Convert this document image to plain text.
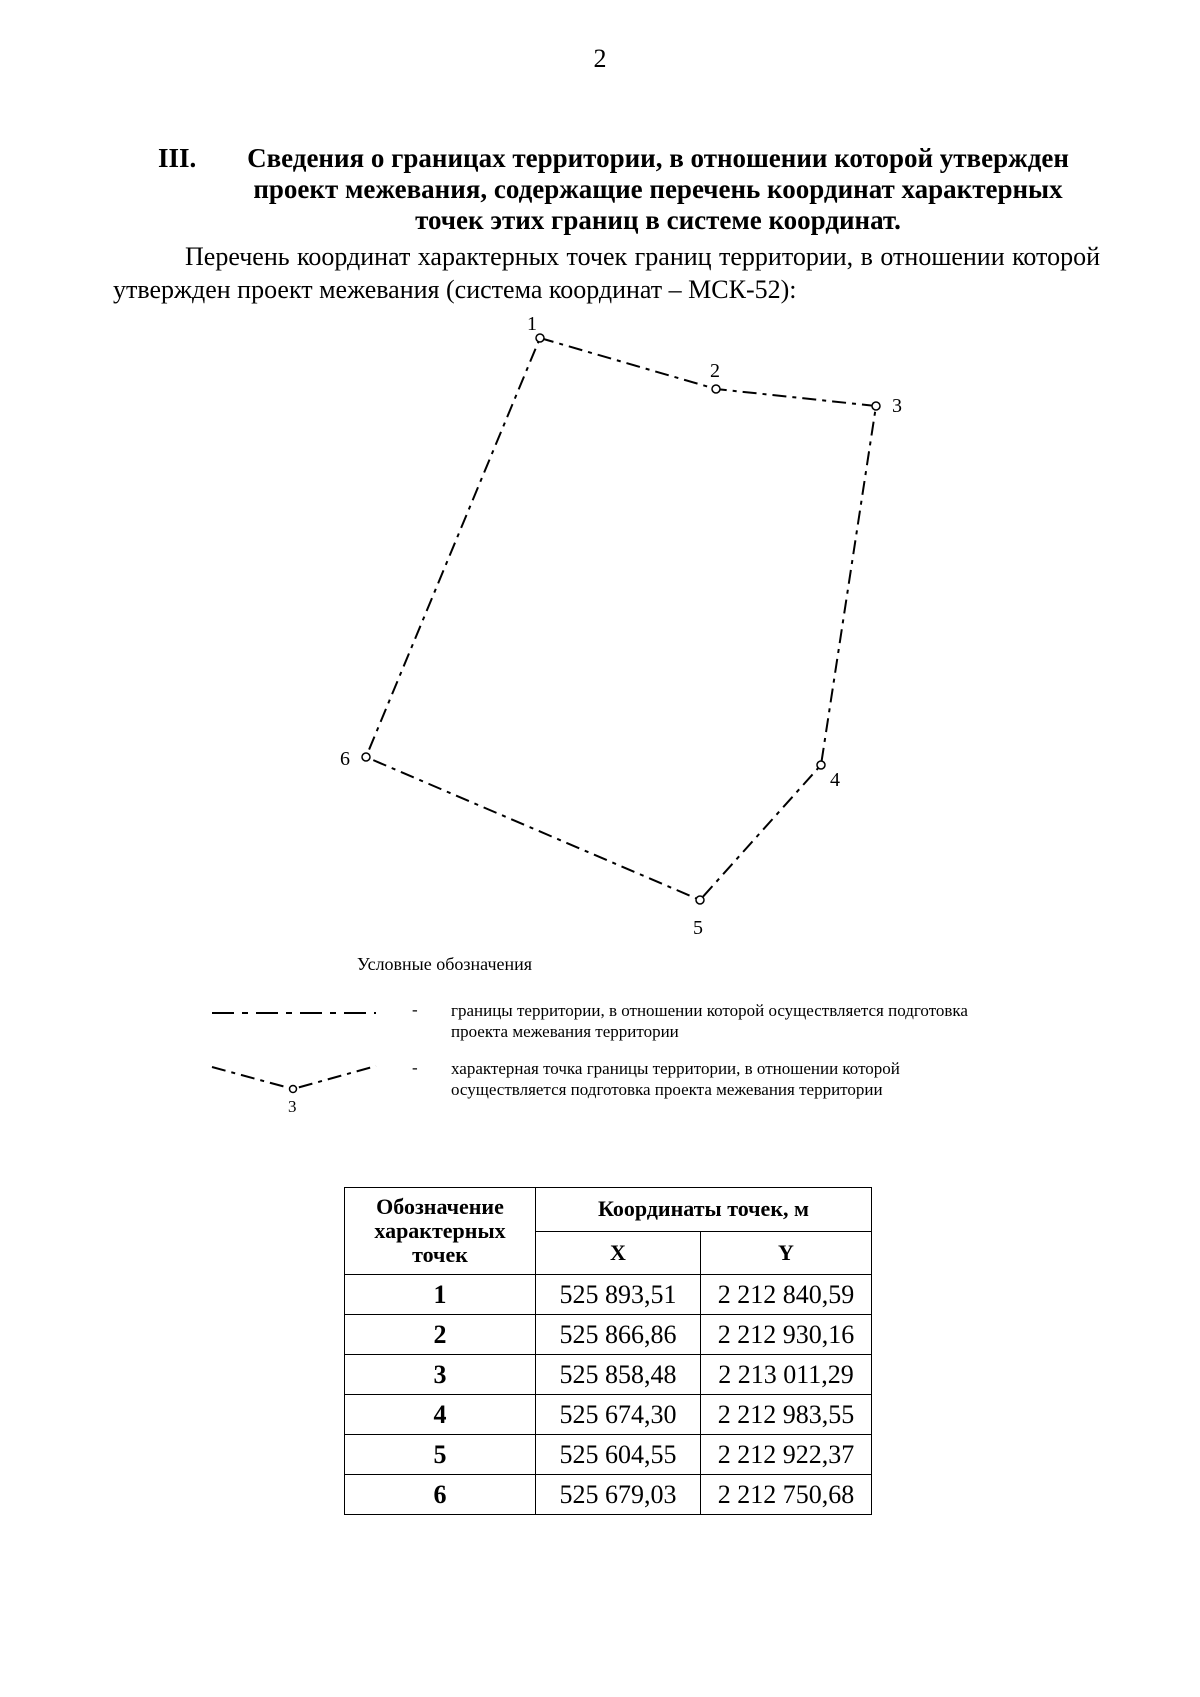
2
III.	Сведения о границах территории, в отношении которой утвержден проект межевания, содержащие перечень координат характерных точек этих границ в системе координат.
Перечень координат характерных точек границ территории, в отношении которой утвержден проект межевания (система координат – МСК-52):
1
2
3
4
5
6
3
Условные обозначения
- границы территории, в отношении которой осуществляется подготовка проекта межевания территории
- характерная точка границы территории, в отношении которой осуществляется подготовка проекта межевания территории
Обозначение характерных точек	Координаты точек, м	
	X	Y
1	525 893,51	2 212 840,59
2	525 866,86	2 212 930,16
3	525 858,48	2 213 011,29
4	525 674,30	2 212 983,55
5	525 604,55	2 212 922,37
6	525 679,03	2 212 750,68
